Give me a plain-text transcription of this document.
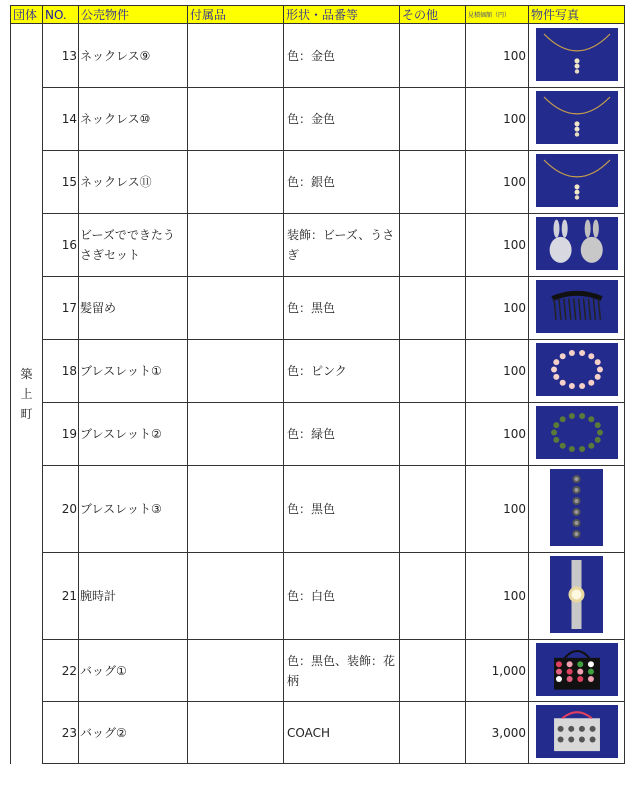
団体	NO.	公売物件	付属品	形状・品番等	その他	見積価額（円）	物件写真
築
上
町	13	ネックレス⑨		色：金色		100	

	14	ネックレス⑩		色：金色		100	

	15	ネックレス⑪		色：銀色		100	

	16	ビーズでできたうさぎセット		装飾：ビーズ、うさぎ		100	

	17	髪留め		色：黒色		100	

	18	ブレスレット①		色：ピンク		100	

	19	ブレスレット②		色：緑色		100	

	20	ブレスレット③		色：黒色		100	

	21	腕時計		色：白色		100	

	22	バッグ①		色：黒色、装飾：花柄		1,000	

	23	バッグ②		COACH		3,000	
